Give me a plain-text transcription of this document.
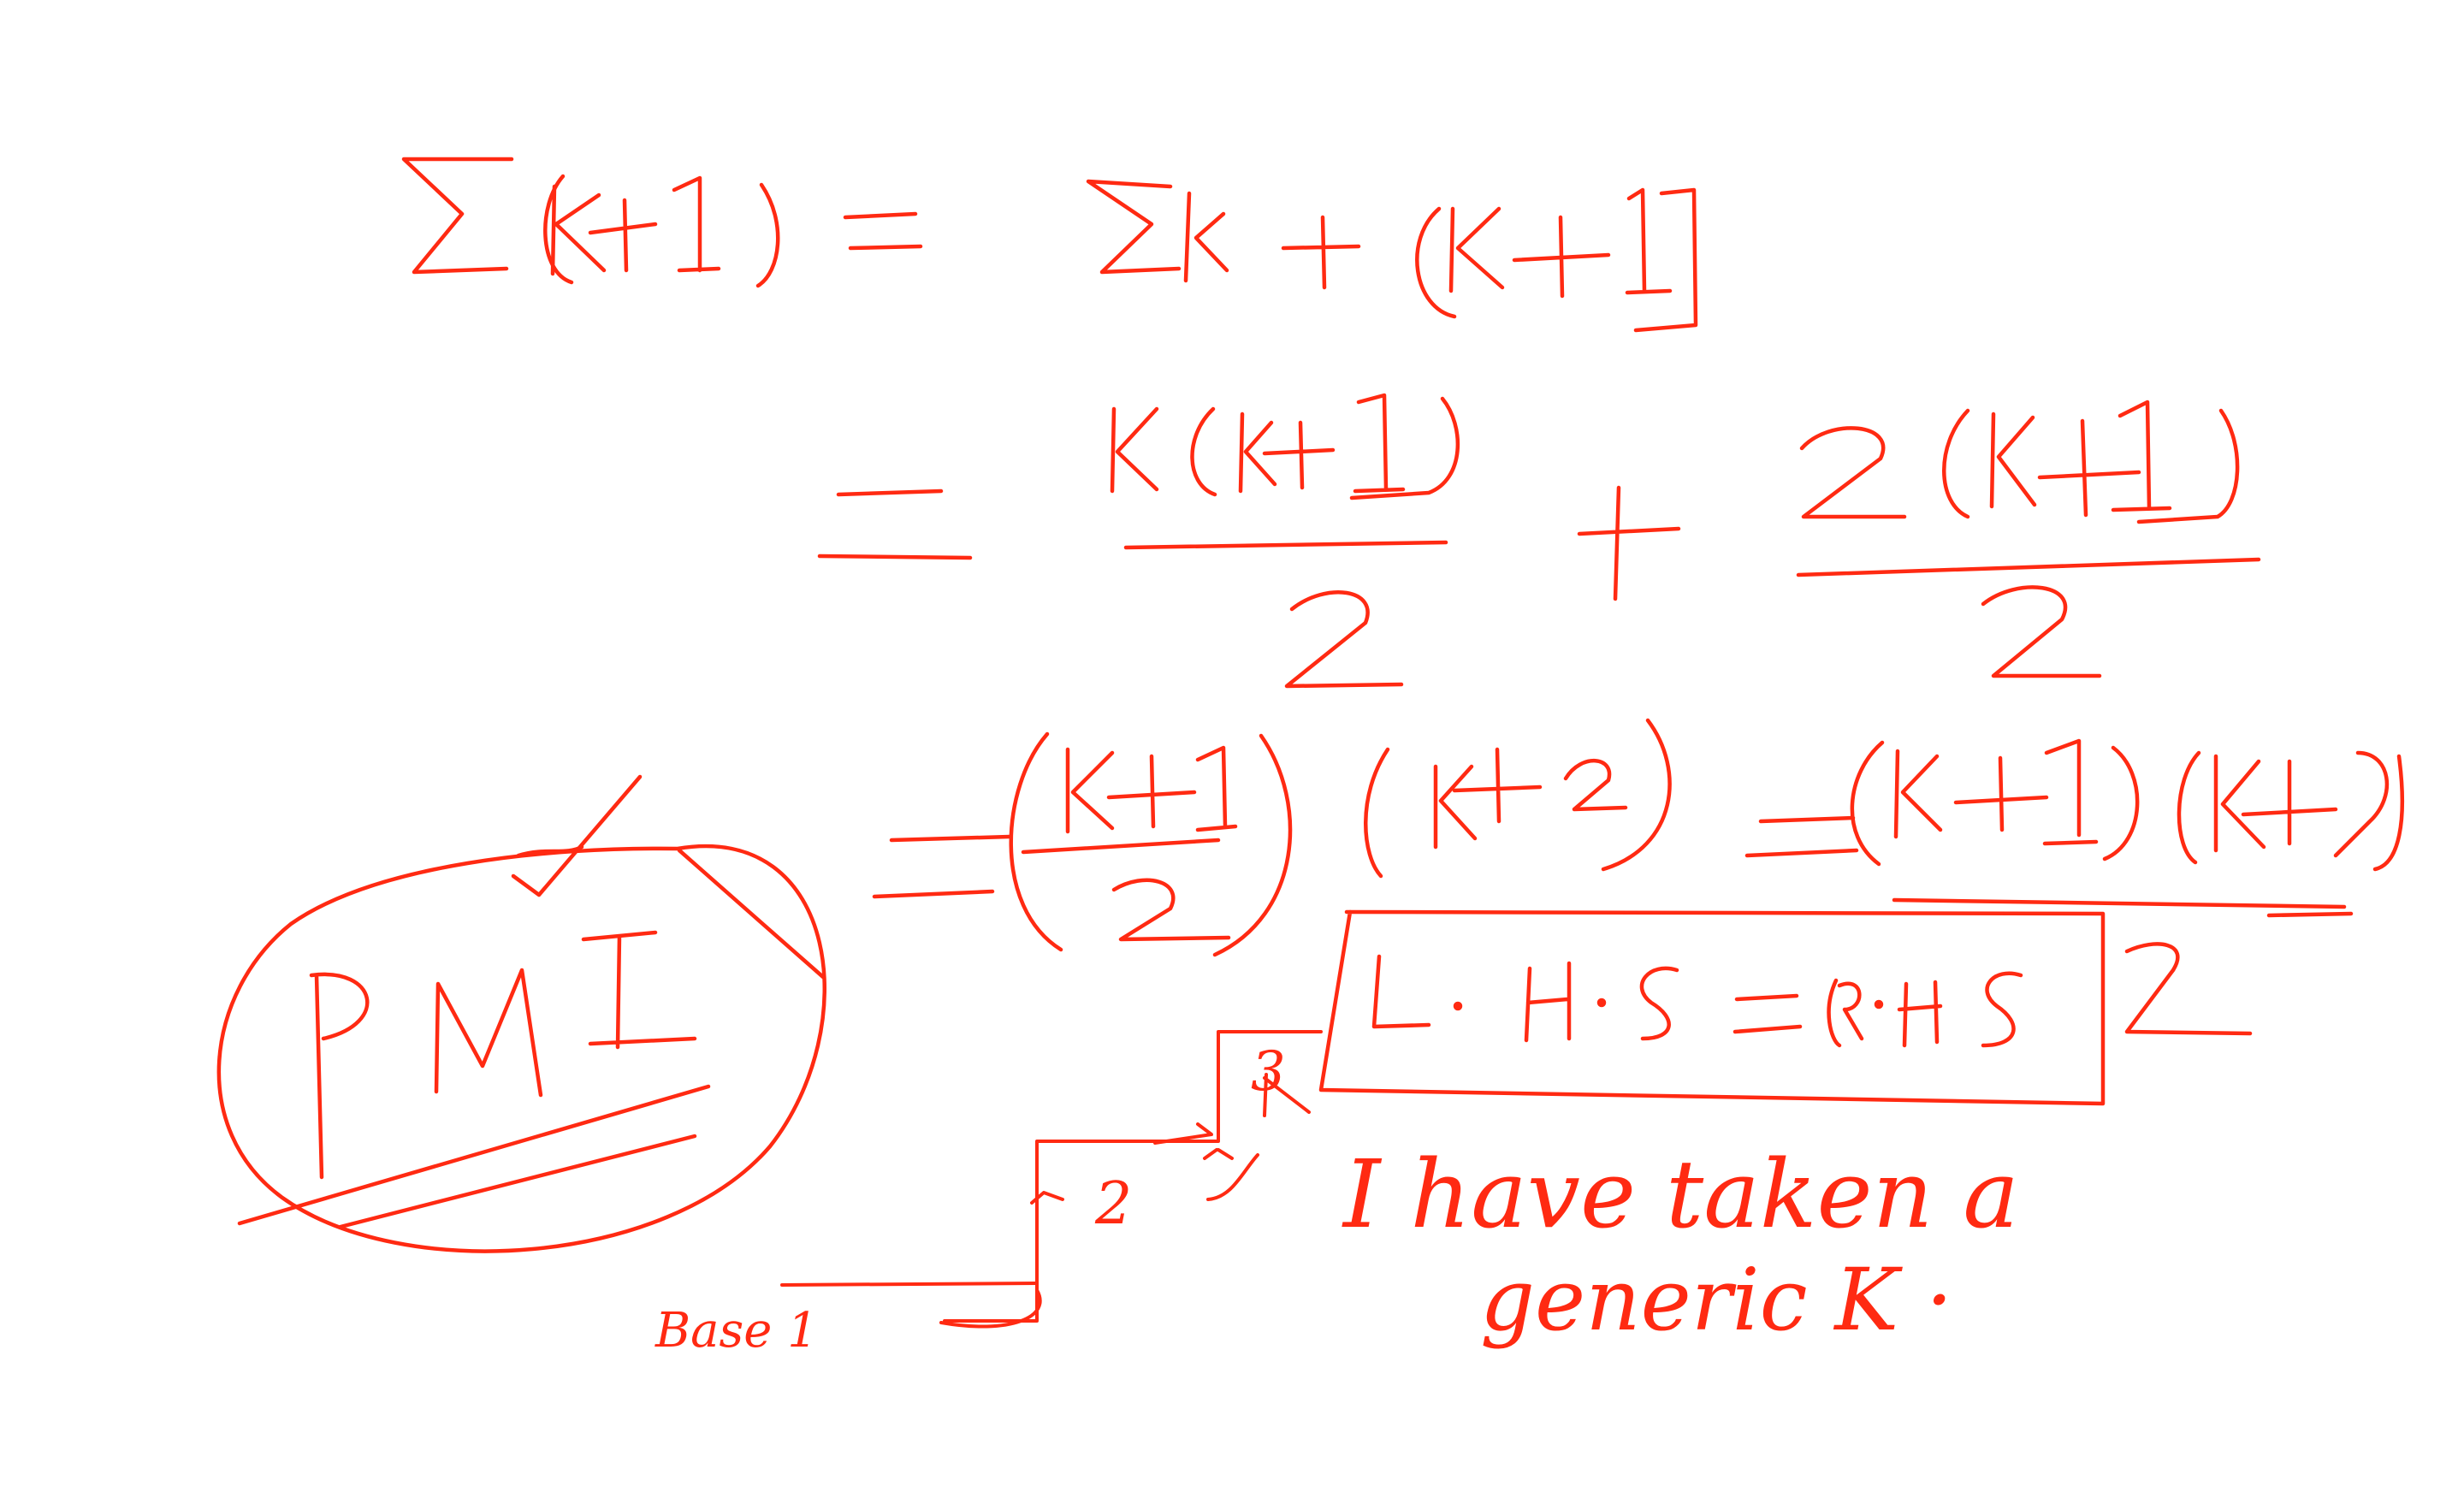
Base 1
2
3
I have taken a
generic K ·
